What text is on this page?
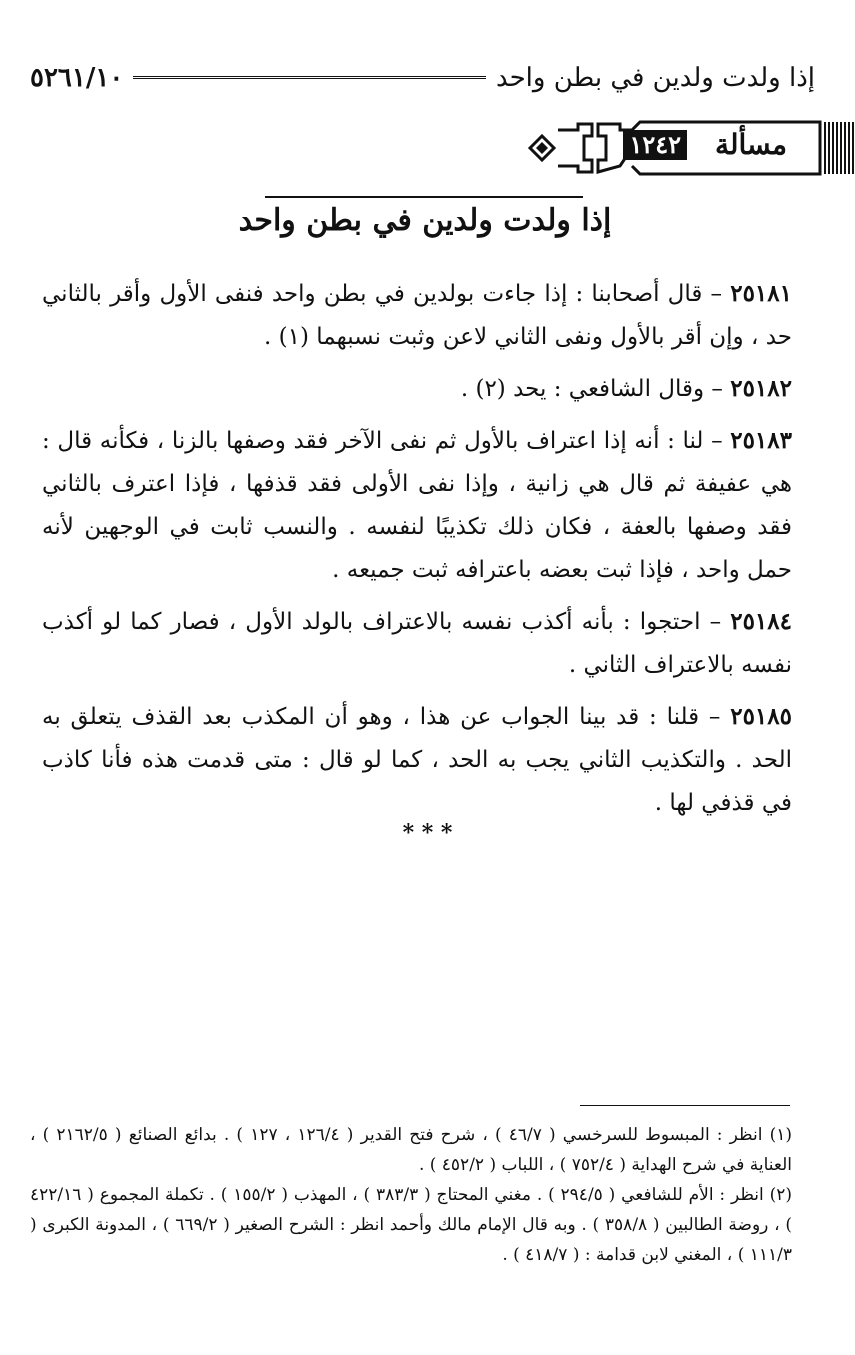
إذا ولدت ولدين في بطن واحد
٥٢٦١/١٠
مسألة
١٢٤٢
إذا ولدت ولدين في بطن واحد

٢٥١٨١ – قال أصحابنا : إذا جاءت بولدين في بطن واحد فنفى الأول وأقر بالثاني حد ، وإن أقر بالأول ونفى الثاني لاعن وثبت نسبهما (١) .

٢٥١٨٢ – وقال الشافعي : يحد (٢) .

٢٥١٨٣ – لنا : أنه إذا اعتراف بالأول ثم نفى الآخر فقد وصفها بالزنا ، فكأنه قال : هي عفيفة ثم قال هي زانية ، وإذا نفى الأولى فقد قذفها ، فإذا اعترف بالثاني فقد وصفها بالعفة ، فكان ذلك تكذيبًا لنفسه . والنسب ثابت في الوجهين لأنه حمل واحد ، فإذا ثبت بعضه باعترافه ثبت جميعه .

٢٥١٨٤ – احتجوا : بأنه أكذب نفسه بالاعتراف بالولد الأول ، فصار كما لو أكذب نفسه بالاعتراف الثاني .

٢٥١٨٥ – قلنا : قد بينا الجواب عن هذا ، وهو أن المكذب بعد القذف يتعلق به الحد . والتكذيب الثاني يجب به الحد ، كما لو قال : متى قدمت هذه فأنا كاذب في قذفي لها .

* * *

(١) انظر : المبسوط للسرخسي ( ٤٦/٧ ) ، شرح فتح القدير ( ١٢٦/٤ ، ١٢٧ ) . بدائع الصنائع ( ٢١٦٢/٥ ) ، العناية في شرح الهداية ( ٧٥٢/٤ ) ، اللباب ( ٤٥٢/٢ ) .

(٢) انظر : الأم للشافعي ( ٢٩٤/٥ ) . مغني المحتاج ( ٣٨٣/٣ ) ، المهذب ( ١٥٥/٢ ) . تكملة المجموع ( ٤٢٢/١٦ ) ، روضة الطالبين ( ٣٥٨/٨ ) . وبه قال الإمام مالك وأحمد انظر : الشرح الصغير ( ٦٦٩/٢ ) ، المدونة الكبرى ( ١١١/٣ ) ، المغني لابن قدامة : ( ٤١٨/٧ ) .
